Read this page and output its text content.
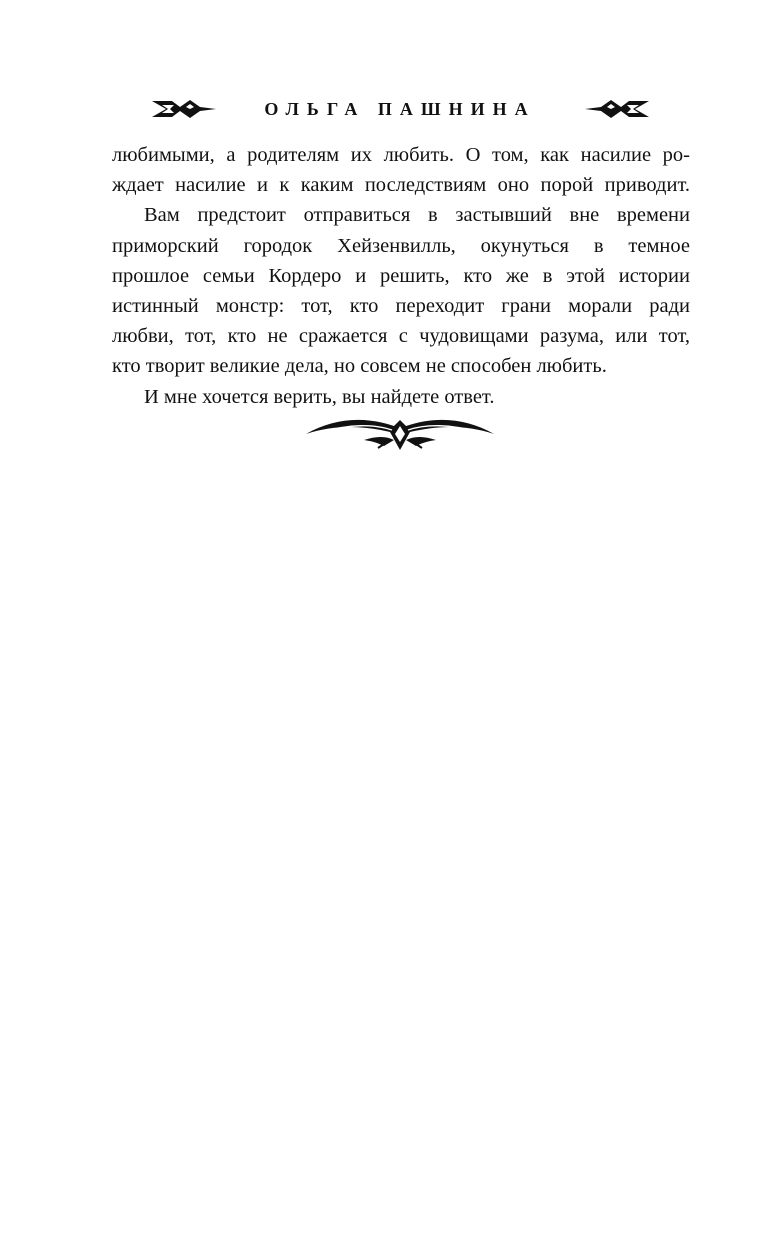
ОЛЬГА ПАШНИНА
любимыми, а родителям их любить. О том, как насилие ро-
ждает насилие и к каким последствиям оно порой приводит.
Вам предстоит отправиться в застывший вне времени
приморский городок Хейзенвилль, окунуться в темное
прошлое семьи Кордеро и решить, кто же в этой истории
истинный монстр: тот, кто переходит грани морали ради
любви, тот, кто не сражается с чудовищами разума, или тот,
кто творит великие дела, но совсем не способен любить.
И мне хочется верить, вы найдете ответ.
